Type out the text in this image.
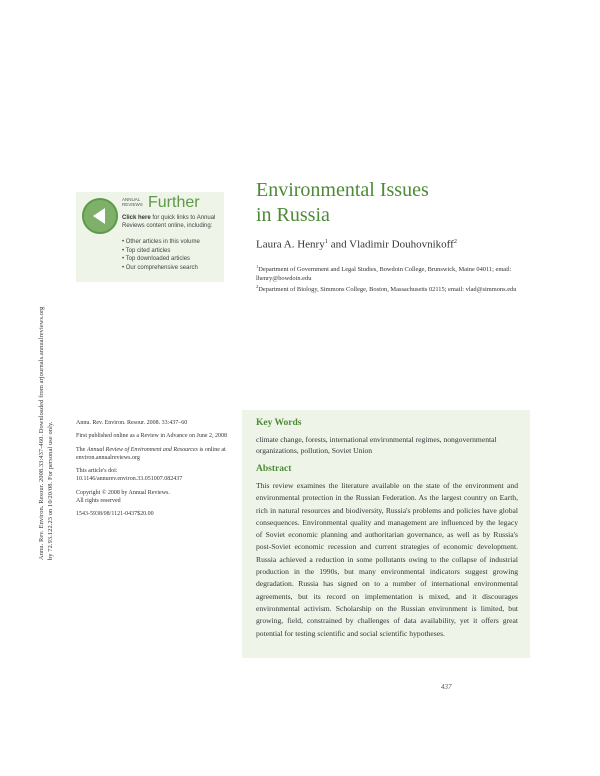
Annu. Rev. Environ. Resour. 2008.33:437-460. Downloaded from arjournals.annualreviews.org by 72.93.122.23 on 10/20/08. For personal use only.
ANNUAL REVIEWS Further
Click here for quick links to Annual Reviews content online, including:
• Other articles in this volume
• Top cited articles
• Top downloaded articles
• Our comprehensive search
Environmental Issues
in Russia
Laura A. Henry$^1$ and Vladimir Douhovnikoff$^2$
$^1$Department of Government and Legal Studies, Bowdoin College, Brunswick, Maine 04011; email: lhenry@bowdoin.edu
$^2$Department of Biology, Simmons College, Boston, Massachusetts 02115; email: vlad@simmons.edu

Annu. Rev. Environ. Resour. 2008. 33:437–60

First published online as a Review in Advance on June 2, 2008

The Annual Review of Environment and Resources is online at environ.annualreviews.org

This article's doi:
10.1146/annurev.environ.33.051007.082437

Copyright © 2008 by Annual Reviews.
All rights reserved

1543-5938/08/1121-0437$20.00

Key Words
climate change, forests, international environmental regimes, nongovernmental organizations, pollution, Soviet Union
Abstract

This review examines the literature available on the state of the environment and environmental protection in the Russian Federation. As the largest country on Earth, rich in natural resources and biodiversity, Russia's problems and policies have global consequences. Environmental quality and management are influenced by the legacy of Soviet economic planning and authoritarian governance, as well as by Russia's post-Soviet economic recession and current strategies of economic development. Russia achieved a reduction in some pollutants owing to the collapse of industrial production in the 1990s, but many environmental indicators suggest growing degradation. Russia has signed on to a number of international environmental agreements, but its record on implementation is mixed, and it discourages environmental activism. Scholarship on the Russian environment is limited, but growing, field, constrained by challenges of data availability, yet it offers great potential for testing scientific and social scientific hypotheses.

437
